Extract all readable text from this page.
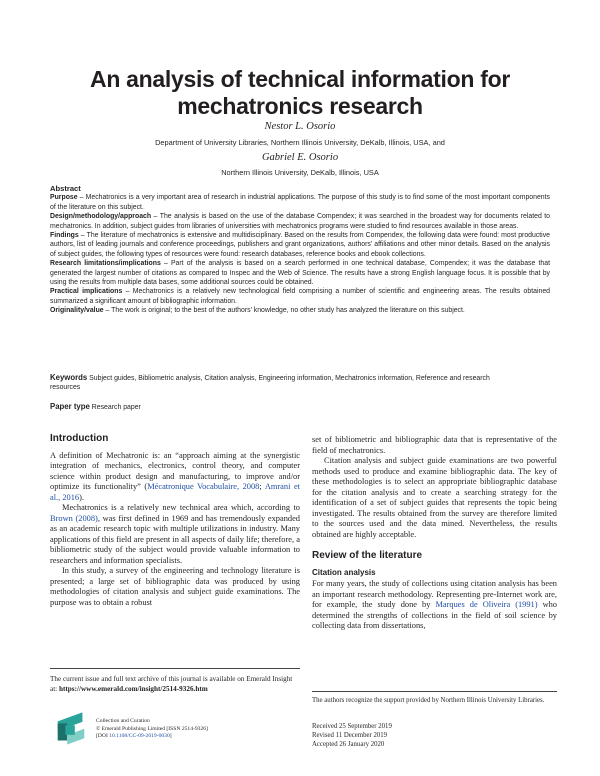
An analysis of technical information for
mechatronics research
Nestor L. Osorio
Department of University Libraries, Northern Illinois University, DeKalb, Illinois, USA, and
Gabriel E. Osorio
Northern Illinois University, DeKalb, Illinois, USA

Abstract

Purpose – Mechatronics is a very important area of research in industrial applications. The purpose of this study is to find some of the most important components of the literature on this subject.

Design/methodology/approach – The analysis is based on the use of the database Compendex; it was searched in the broadest way for documents related to mechatronics. In addition, subject guides from libraries of universities with mechatronics programs were studied to find resources available in those areas.

Findings – The literature of mechatronics is extensive and multidisciplinary. Based on the results from Compendex, the following data were found: most productive authors, list of leading journals and conference proceedings, publishers and grant organizations, authors’ affiliations and other minor details. Based on the analysis of subject guides, the following types of resources were found: research databases, reference books and ebook collections.

Research limitations/implications – Part of the analysis is based on a search performed in one technical database, Compendex; it was the database that generated the largest number of citations as compared to Inspec and the Web of Science. The results have a strong English language focus. It is possible that by using the results from multiple data bases, some additional sources could be obtained.

Practical implications – Mechatronics is a relatively new technological field comprising a number of scientific and engineering areas. The results obtained summarized a significant amount of bibliographic information.

Originality/value – The work is original; to the best of the authors’ knowledge, no other study has analyzed the literature on this subject.

Keywords Subject guides, Bibliometric analysis, Citation analysis, Engineering information, Mechatronics information, Reference and research resources
Paper type Research paper
Introduction

A definition of Mechatronic is: an “approach aiming at the synergistic integration of mechanics, electronics, control theory, and computer science within product design and manufacturing, to improve and/or optimize its functionality” (Mécatronique Vocabulaire, 2008; Amrani et al., 2016).

Mechatronics is a relatively new technical area which, according to Brown (2008), was first defined in 1969 and has tremendously expanded as an academic research topic with multiple utilizations in industry. Many applications of this field are present in all aspects of daily life; therefore, a bibliometric study of the subject would provide valuable information to researchers and information specialists.

In this study, a survey of the engineering and technology literature is presented; a large set of bibliographic data was produced by using methodologies of citation analysis and subject guide examinations. The purpose was to obtain a robust

set of bibliometric and bibliographic data that is representative of the field of mechatronics.

Citation analysis and subject guide examinations are two powerful methods used to produce and examine bibliographic data. The key of these methodologies is to select an appropriate bibliographic database for the citation analysis and to create a searching strategy for the identification of a set of subject guides that represents the topic being investigated. The results obtained from the survey are therefore limited to the sources used and the data mined. Nevertheless, the results obtained are highly acceptable.

Review of the literature
Citation analysis

For many years, the study of collections using citation analysis has been an important research methodology. Representing pre-Internet work are, for example, the study done by Marques de Oliveira (1991) who determined the strengths of collections in the field of soil science by collecting data from dissertations,

The current issue and full text archive of this journal is available on Emerald Insight at: https://www.emerald.com/insight/2514-9326.htm
Collection and Curation
© Emerald Publishing Limited [ISSN 2514-9326]
[DOI 10.1108/CC-09-2019-0030]
The authors recognize the support provided by Northern Illinois University Libraries.
Received 25 September 2019
Revised 11 December 2019
Accepted 26 January 2020
